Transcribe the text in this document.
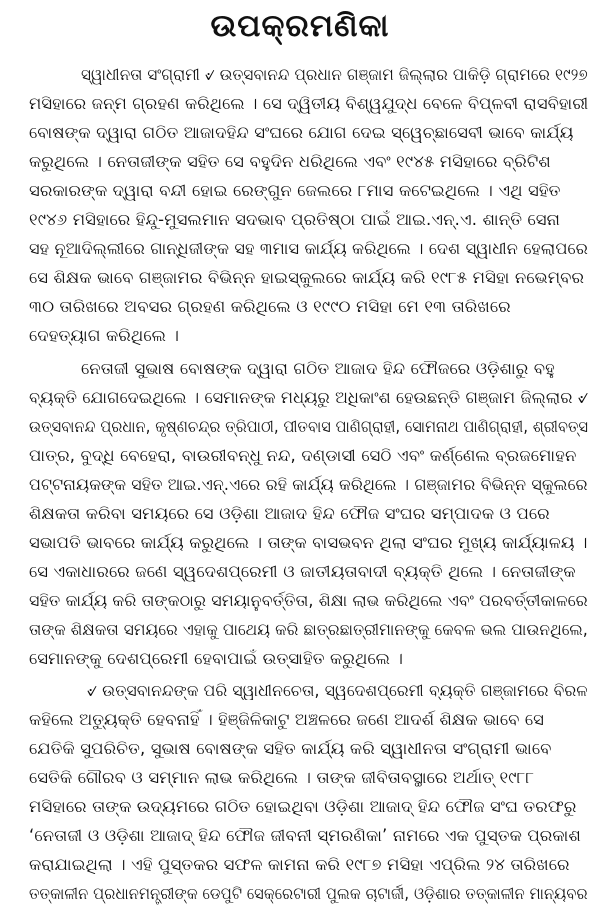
ଉପକ୍ରମଣିକା
ସ୍ୱାଧୀନତା ସଂଗ୍ରାମୀ ୰ ଉତ୍ସବାନନ୍ଦ ପ୍ରଧାନ ଗଞ୍ଜାମ ଜିଲ୍ଲାର ପାକିଡ଼ି ଗ୍ରାମରେ ୧୯୨୭
ମସିହାରେ ଜନ୍ମ ଗ୍ରହଣ କରିଥିଲେ । ସେ ଦ୍ୱିତୀୟ ବିଶ୍ୱଯୁଦ୍ଧ ବେଳେ ବିପ୍ଳବୀ ରାସବିହାରୀ
ବୋଷଙ୍କ ଦ୍ୱାରା ଗଠିତ ଆଜାଦହିନ୍ଦ ସଂଘରେ ଯୋଗ ଦେଇ ସ୍ୱେଚ୍ଛାସେବୀ ଭାବେ କାର୍ଯ୍ୟ
କରୁଥିଲେ । ନେତାଜୀଙ୍କ ସହିତ ସେ ବହୁଦିନ ଧରିଥିଲେ ଏବଂ ୧୯୪୫ ମସିହାରେ ବ୍ରିଟିଶ
ସରକାରଙ୍କ ଦ୍ୱାରା ବନ୍ଦୀ ହୋଇ ରେଙ୍ଗୁନ ଜେଲରେ ୮ମାସ କଟେଇଥିଲେ । ଏଥି ସହିତ
୧୯୪୬ ମସିହାରେ ହିନ୍ଦୁ-ମୁସଲମାନ ସଦଭାବ ପ୍ରତିଷ୍ଠା ପାଇଁ ଆଇ.ଏନ୍.ଏ. ଶାନ୍ତି ସେନା
ସହ ନୂଆଦିଲ୍ଲୀରେ ଗାନ୍ଧିଜୀଙ୍କ ସହ ୩ମାସ କାର୍ଯ୍ୟ କରିଥିଲେ । ଦେଶ ସ୍ୱାଧୀନ ହେଲାପରେ
ସେ ଶିକ୍ଷକ ଭାବେ ଗଞ୍ଜାମର ବିଭିନ୍ନ ହାଇସ୍କୁଲରେ କାର୍ଯ୍ୟ କରି ୧୯୮୫ ମସିହା ନଭେମ୍ବର
୩୦ ତାରିଖରେ ଅବସର ଗ୍ରହଣ କରିଥିଲେ ଓ ୧୯୯୦ ମସିହା ମେ ୧୩ ତାରିଖରେ
ଦେହତ୍ୟାଗ କରିଥିଲେ ।
ନେତାଜୀ ସୁଭାଷ ବୋଷଙ୍କ ଦ୍ୱାରା ଗଠିତ ଆଜାଦ ହିନ୍ଦ ଫୌଜରେ ଓଡ଼ିଶାରୁ ବହୁ
ବ୍ୟକ୍ତି ଯୋଗଦେଇଥିଲେ । ସେମାନଙ୍କ ମଧ୍ୟରୁ ଅଧିକାଂଶ ହେଉଛନ୍ତି ଗଞ୍ଜାମ ଜିଲ୍ଲାର ୰
ଉତ୍ସବାନନ୍ଦ ପ୍ରଧାନ, କୃଷ୍ଣଚନ୍ଦ୍ର ତ୍ରିପାଠୀ, ପୀତବାସ ପାଣିଗ୍ରାହୀ, ସୋମନାଥ ପାଣିଗ୍ରାହୀ, ଶ୍ରୀବତ୍ସ
ପାତ୍ର, ବୁଦ୍ଧି ବେହେରା, ବାଉରୀବନ୍ଧୁ ନନ୍ଦ, ଦଣ୍ଡାସୀ ସେଠି ଏବଂ କର୍ଣ୍ଣେଲ ବ୍ରଜମୋହନ
ପଟ୍ଟନାୟକଙ୍କ ସହିତ ଆଇ.ଏନ୍.ଏରେ ରହି କାର୍ଯ୍ୟ କରିଥିଲେ । ଗଞ୍ଜାମର ବିଭିନ୍ନ ସ୍କୁଲରେ
ଶିକ୍ଷକତା କରିବା ସମୟରେ ସେ ଓଡ଼ିଶା ଆଜାଦ ହିନ୍ଦ ଫୌଜ ସଂଘର ସମ୍ପାଦକ ଓ ପରେ
ସଭାପତି ଭାବରେ କାର୍ଯ୍ୟ କରୁଥିଲେ । ତାଙ୍କ ବାସଭବନ ଥିଲା ସଂଘର ମୁଖ୍ୟ କାର୍ଯ୍ୟାଳୟ ।
ସେ ଏକାଧାରରେ ଜଣେ ସ୍ୱଦେଶପ୍ରେମୀ ଓ ଜାତୀୟତାବାଦୀ ବ୍ୟକ୍ତି ଥିଲେ । ନେତାଜୀଙ୍କ
ସହିତ କାର୍ଯ୍ୟ କରି ତାଙ୍କଠାରୁ ସମୟାନୁବର୍ତ୍ତିତା, ଶିକ୍ଷା ଲାଭ କରିଥିଲେ ଏବଂ ପରବର୍ତ୍ତୀକାଳରେ
ତାଙ୍କ ଶିକ୍ଷକତା ସମୟରେ ଏହାକୁ ପାଥେୟ କରି ଛାତ୍ରଛାତ୍ରୀମାନଙ୍କୁ କେବଳ ଭଲ ପାଉନଥିଲେ,
ସେମାନଙ୍କୁ ଦେଶପ୍ରେମୀ ହେବାପାଇଁ ଉତ୍ସାହିତ କରୁଥିଲେ ।
୰ ଉତ୍ସବାନନ୍ଦଙ୍କ ପରି ସ୍ୱାଧୀନଚେତା, ସ୍ୱଦେଶପ୍ରେମୀ ବ୍ୟକ୍ତି ଗଞ୍ଜାମରେ ବିରଳ
କହିଲେ ଅତ୍ୟୁକ୍ତି ହେବନାହିଁ । ହିଞ୍ଜିଳିକାଟୁ ଅଞ୍ଚଳରେ ଜଣେ ଆଦର୍ଶ ଶିକ୍ଷକ ଭାବେ ସେ
ଯେତିକି ସୁପରିଚିତ, ସୁଭାଷ ବୋଷଙ୍କ ସହିତ କାର୍ଯ୍ୟ କରି ସ୍ୱାଧୀନତା ସଂଗ୍ରାମୀ ଭାବେ
ସେତିକି ଗୌରବ ଓ ସମ୍ମାନ ଲାଭ କରିଥିଲେ । ତାଙ୍କ ଜୀବିତାବସ୍ଥାରେ ଅର୍ଥାତ୍ ୧୯୮୮
ମସିହାରେ ତାଙ୍କ ଉଦ୍ୟମରେ ଗଠିତ ହୋଇଥିବା ଓଡ଼ିଶା ଆଜାଦ୍ ହିନ୍ଦ ଫୌଜ ସଂଘ ତରଫରୁ
‘ନେତାଜୀ ଓ ଓଡ଼ିଶା ଆଜାଦ୍ ହିନ୍ଦ ଫୌଜ ଜୀବନୀ ସ୍ମରଣିକା’ ନାମରେ ଏକ ପୁସ୍ତକ ପ୍ରକାଶ
କରାଯାଇଥିଲା । ଏହି ପୁସ୍ତକର ସଫଳ କାମନା କରି ୧୯୮୭ ମସିହା ଏପ୍ରିଲ ୨୪ ତାରିଖରେ
ତତ୍କାଳୀନ ପ୍ରଧାନମନ୍ତ୍ରୀଙ୍କ ଡେପୁଟି ସେକ୍ରେଟାରୀ ପୁଲକ ଚାଟାର୍ଜୀ, ଓଡ଼ିଶାର ତତ୍କାଳୀନ ମାନ୍ୟବର
